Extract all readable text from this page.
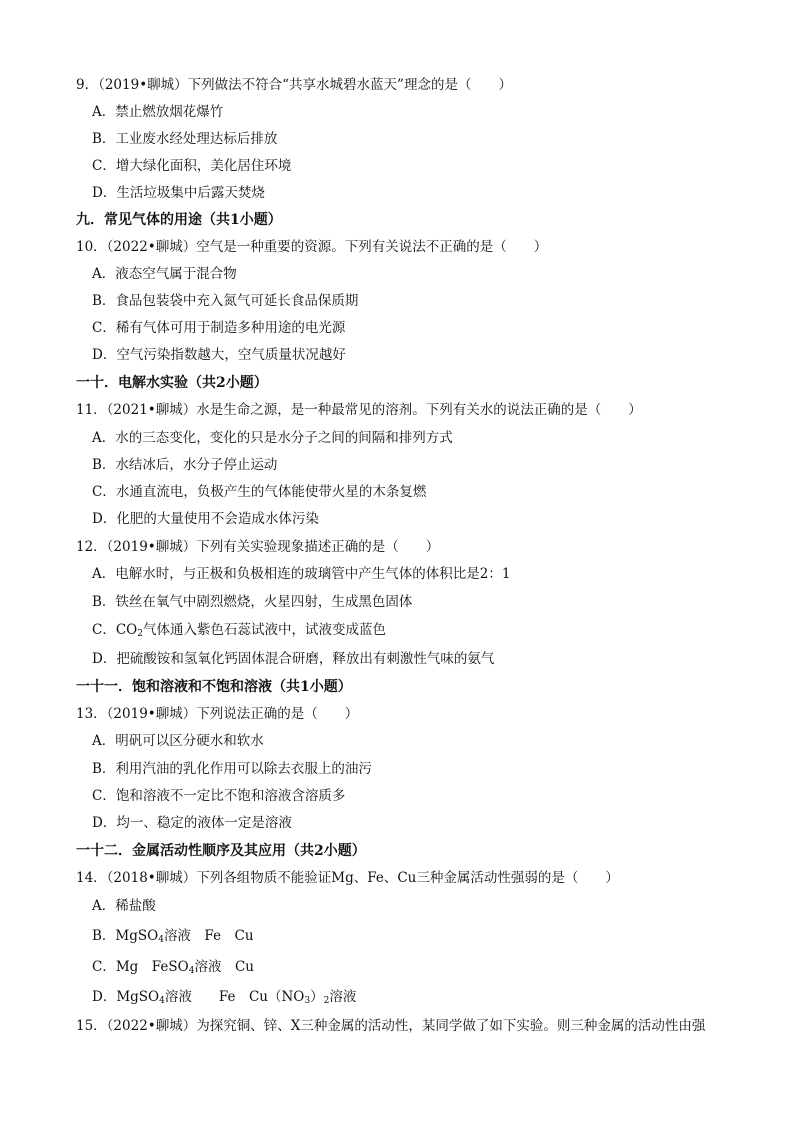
9．（2019•聊城）下列做法不符合“共享水城碧水蓝天”理念的是（　　）
A．禁止燃放烟花爆竹
B．工业废水经处理达标后排放
C．增大绿化面积，美化居住环境
D．生活垃圾集中后露天焚烧
九．常见气体的用途（共1小题）
10．（2022•聊城）空气是一种重要的资源。下列有关说法不正确的是（　　）
A．液态空气属于混合物
B．食品包装袋中充入氮气可延长食品保质期
C．稀有气体可用于制造多种用途的电光源
D．空气污染指数越大，空气质量状况越好
一十．电解水实验（共2小题）
11．（2021•聊城）水是生命之源，是一种最常见的溶剂。下列有关水的说法正确的是（　　）
A．水的三态变化，变化的只是水分子之间的间隔和排列方式
B．水结冰后，水分子停止运动
C．水通直流电，负极产生的气体能使带火星的木条复燃
D．化肥的大量使用不会造成水体污染
12．（2019•聊城）下列有关实验现象描述正确的是（　　）
A．电解水时，与正极和负极相连的玻璃管中产生气体的体积比是2：1
B．铁丝在氧气中剧烈燃烧，火星四射，生成黑色固体
C．$CO_2$气体通入紫色石蕊试液中，试液变成蓝色
D．把硫酸铵和氢氧化钙固体混合研磨，释放出有刺激性气味的氨气
一十一．饱和溶液和不饱和溶液（共1小题）
13．（2019•聊城）下列说法正确的是（　　）
A．明矾可以区分硬水和软水
B．利用汽油的乳化作用可以除去衣服上的油污
C．饱和溶液不一定比不饱和溶液含溶质多
D．均一、稳定的液体一定是溶液
一十二．金属活动性顺序及其应用（共2小题）
14．（2018•聊城）下列各组物质不能验证Mg、Fe、Cu三种金属活动性强弱的是（　　）
A．稀盐酸
B．MgSO$_4$溶液　Fe　Cu
C．Mg　FeSO$_4$溶液　Cu
D．MgSO$_4$溶液　　Fe　$Cu(NO_3)_2$溶液
15．（2022•聊城）为探究铜、锌、X三种金属的活动性，某同学做了如下实验。则三种金属的活动性由强
